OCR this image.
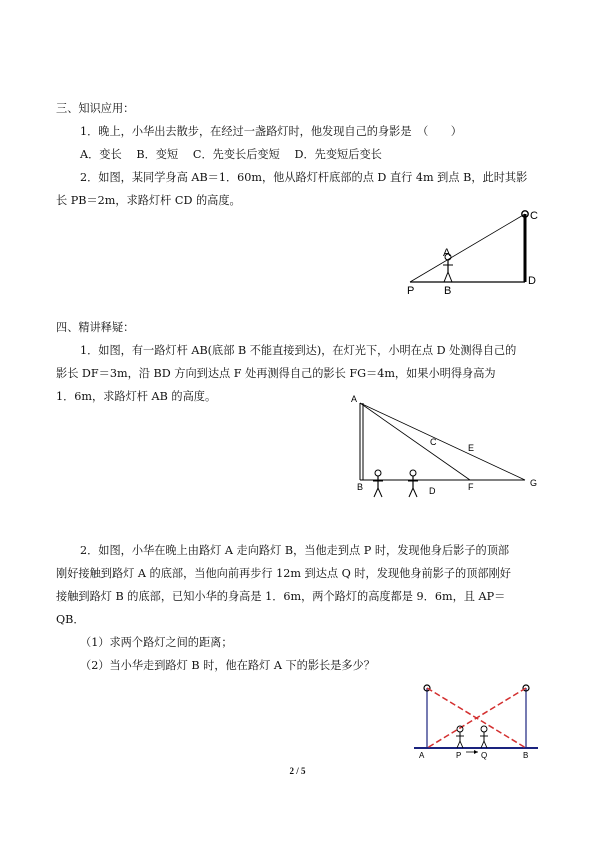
三、知识应用：
1．晚上，小华出去散步，在经过一盏路灯时，他发现自己的身影是　（　　）
A．变长　 B．变短　 C．先变长后变短　 D．先变短后变长
2．如图，某同学身高 AB＝1．60m，他从路灯杆底部的点 D 直行 4m 到点 B，此时其影
长 PB＝2m，求路灯杆 CD 的高度。
C
A
D
P	B
四、精讲释疑：
1．如图，有一路灯杆 AB(底部 B 不能直接到达)，在灯光下，小明在点 D 处测得自己的
影长 DF＝3m，沿 BD 方向到达点 F 处再测得自己的影长 FG＝4m，如果小明得身高为
1．6m，求路灯杆 AB 的高度。	A
C
E
B	D	F	G
2．如图，小华在晚上由路灯 A 走向路灯 B，当他走到点 P 时，发现他身后影子的顶部
刚好接触到路灯 A 的底部，当他向前再步行 12m 到达点 Q 时，发现他身前影子的顶部刚好
接触到路灯 B 的底部，已知小华的身高是 1．6m，两个路灯的高度都是 9．6m，且 AP＝
QB．
（1）求两个路灯之间的距离；
（2）当小华走到路灯 B 时，他在路灯 A 下的影长是多少？
A	P Q	B
2 / 5
